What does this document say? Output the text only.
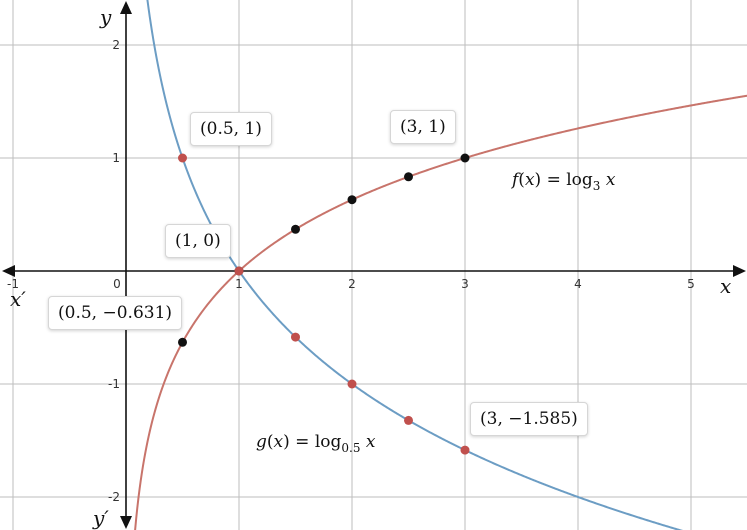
-1	0	1	2	3	4	5
-2
-1
1
2
x
x′
y
y′
$f(x) = \log_3 x$
$g(x) = \log_{0.5} x$
(0.5, 1)	(3, 1)
(1, 0)
(0.5, −0.631)
(3, −1.585)
